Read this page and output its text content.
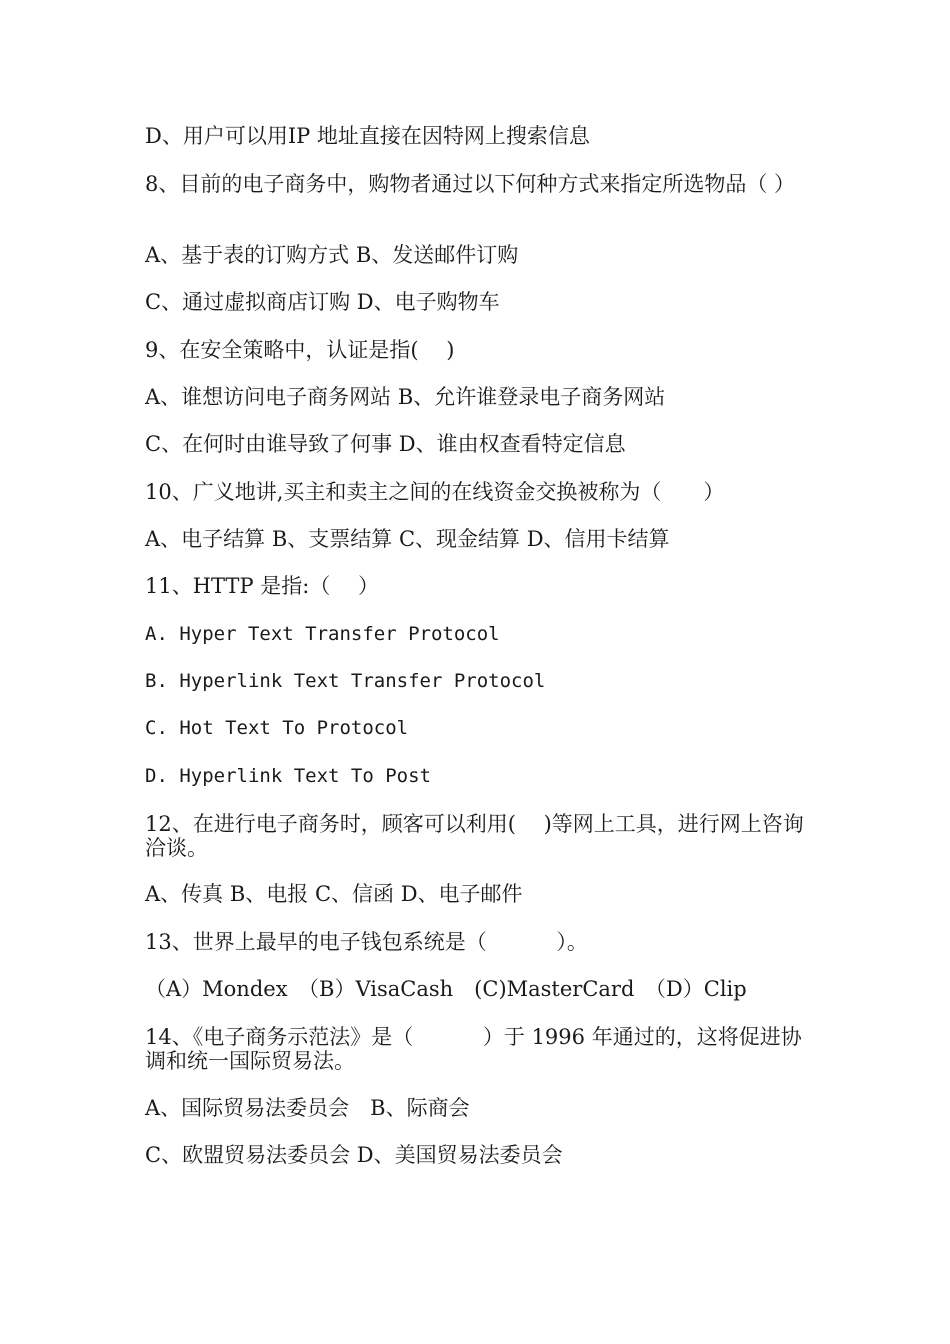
D、用户可以用IP 地址直接在因特网上搜索信息
8、目前的电子商务中，购物者通过以下何种方式来指定所选物品（ ）
A、基于表的订购方式 B、发送邮件订购
C、通过虚拟商店订购 D、电子购物车
9、在安全策略中，认证是指(　 )
A、谁想访问电子商务网站 B、允许谁登录电子商务网站
C、在何时由谁导致了何事 D、谁由权查看特定信息
10、广义地讲,买主和卖主之间的在线资金交换被称为（　　）
A、电子结算 B、支票结算 C、现金结算 D、信用卡结算
11、HTTP 是指:（　 ）
A. Hyper Text Transfer Protocol
B. Hyperlink Text Transfer Protocol
C. Hot Text To Protocol
D. Hyperlink Text To Post
12、在进行电子商务时，顾客可以利用(　 )等网上工具，进行网上咨询洽谈。
A、传真 B、电报 C、信函 D、电子邮件
13、世界上最早的电子钱包系统是（　　　 ）。
（A）Mondex　（B）VisaCash　(C)MasterCard　（D）Clip
14、《电子商务示范法》是（　　　 ）于 1996 年通过的，这将促进协调和统一国际贸易法。
A、国际贸易法委员会　B、际商会
C、欧盟贸易法委员会 D、美国贸易法委员会
